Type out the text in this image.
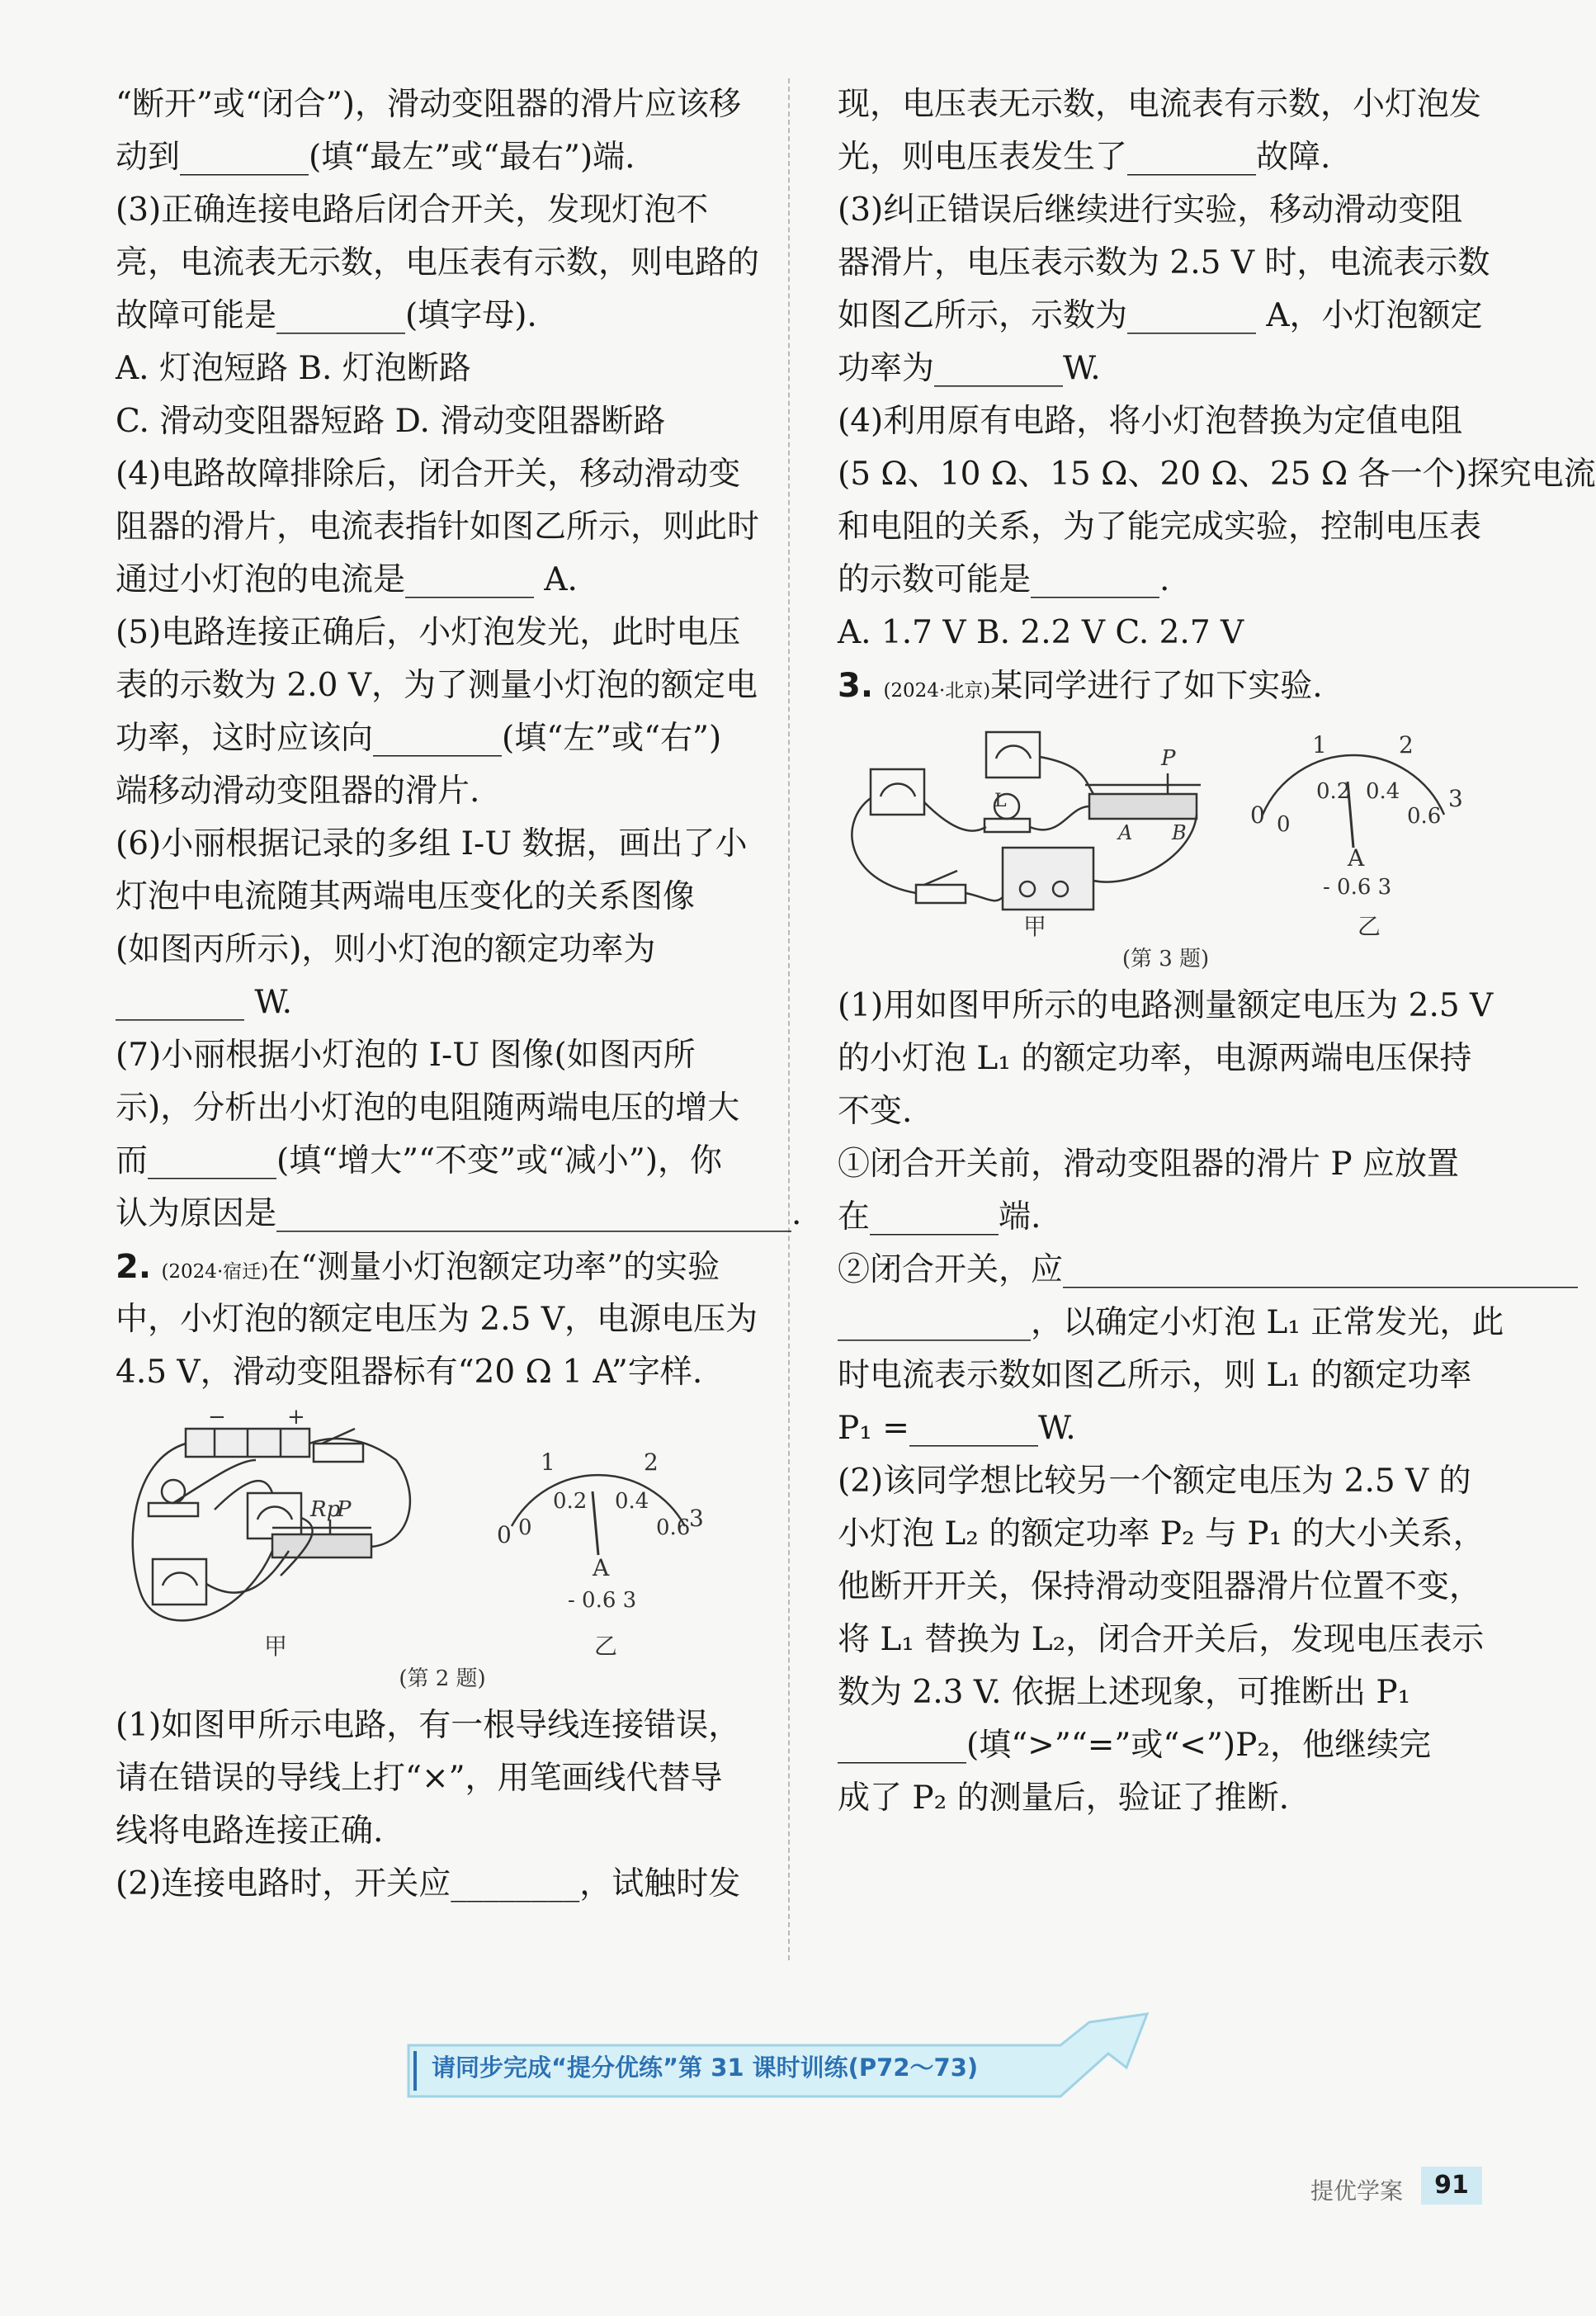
“断开”或“闭合”)，滑动变阻器的滑片应该移
动到________(填“最左”或“最右”)端.
(3)正确连接电路后闭合开关，发现灯泡不
亮，电流表无示数，电压表有示数，则电路的
故障可能是________(填字母).
A. 灯泡短路 B. 灯泡断路
C. 滑动变阻器短路 D. 滑动变阻器断路
(4)电路故障排除后，闭合开关，移动滑动变
阻器的滑片，电流表指针如图乙所示，则此时
通过小灯泡的电流是________ A.
(5)电路连接正确后，小灯泡发光，此时电压
表的示数为 2.0 V，为了测量小灯泡的额定电
功率，这时应该向________(填“左”或“右”)
端移动滑动变阻器的滑片.
(6)小丽根据记录的多组 I-U 数据，画出了小
灯泡中电流随其两端电压变化的关系图像
(如图丙所示)，则小灯泡的额定功率为
________ W.
(7)小丽根据小灯泡的 I-U 图像(如图丙所
示)，分析出小灯泡的电阻随两端电压的增大
而________(填“增大”“不变”或“减小”)，你
认为原因是________________________________.
2. (2024·宿迁)在“测量小灯泡额定功率”的实验
中，小灯泡的额定电压为 2.5 V，电源电压为
4.5 V，滑动变阻器标有“20 Ω 1 A”字样.
−	+
Rp
P
甲
1	2
0 0
0.2 0.4
0.6
3
A
- 0.6 3
乙
(第 2 题)
(1)如图甲所示电路，有一根导线连接错误，
请在错误的导线上打“×”，用笔画线代替导
线将电路连接正确.
(2)连接电路时，开关应________，试触时发
现，电压表无示数，电流表有示数，小灯泡发
光，则电压表发生了________故障.
(3)纠正错误后继续进行实验，移动滑动变阻
器滑片，电压表示数为 2.5 V 时，电流表示数
如图乙所示，示数为________ A，小灯泡额定
功率为________W.
(4)利用原有电路，将小灯泡替换为定值电阻
(5 Ω、10 Ω、15 Ω、20 Ω、25 Ω 各一个)探究电流
和电阻的关系，为了能完成实验，控制电压表
的示数可能是________.
A. 1.7 V B. 2.2 V C. 2.7 V
3. (2024·北京)某同学进行了如下实验.
L
P
A B
甲
1	2
0 0
0.2 0.4
0.6
3
A
- 0.6 3
乙
(第 3 题)
(1)用如图甲所示的电路测量额定电压为 2.5 V
的小灯泡 L₁ 的额定功率，电源两端电压保持
不变.
①闭合开关前，滑动变阻器的滑片 P 应放置
在________端.
②闭合开关，应________________________________
____________，以确定小灯泡 L₁ 正常发光，此
时电流表示数如图乙所示，则 L₁ 的额定功率
P₁ =________W.
(2)该同学想比较另一个额定电压为 2.5 V 的
小灯泡 L₂ 的额定功率 P₂ 与 P₁ 的大小关系，
他断开开关，保持滑动变阻器滑片位置不变，
将 L₁ 替换为 L₂，闭合开关后，发现电压表示
数为 2.3 V. 依据上述现象，可推断出 P₁
________(填“>”“=”或“<”)P₂，他继续完
成了 P₂ 的测量后，验证了推断.
请同步完成“提分优练”第 31 课时训练(P72～73)
提优学案	91
